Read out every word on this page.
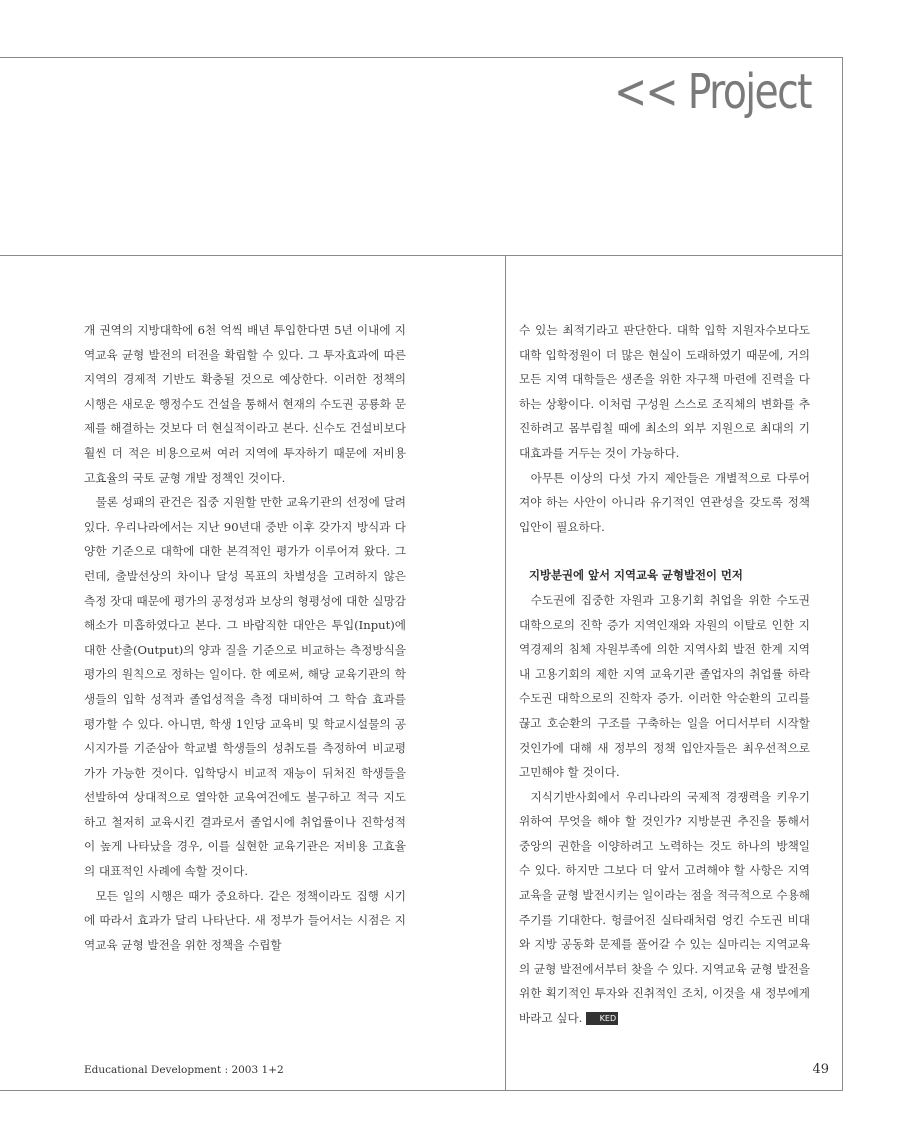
<< Project

개 권역의 지방대학에 6천 억씩 배년 투입한다면 5년 이내에 지역교육 균형 발전의 터전을 확립할 수 있다. 그 투자효과에 따른 지역의 경제적 기반도 확충될 것으로 예상한다. 이러한 정책의 시행은 새로운 행정수도 건설을 통해서 현재의 수도권 공룡화 문제를 해결하는 것보다 더 현실적이라고 본다. 신수도 건설비보다 훨씬 더 적은 비용으로써 여러 지역에 투자하기 때문에 저비용 고효율의 국토 균형 개발 정책인 것이다.

물론 성패의 관건은 집중 지원할 만한 교육기관의 선정에 달려 있다. 우리나라에서는 지난 90년대 중반 이후 갖가지 방식과 다양한 기준으로 대학에 대한 본격적인 평가가 이루어져 왔다. 그런데, 출발선상의 차이나 달성 목표의 차별성을 고려하지 않은 측정 잣대 때문에 평가의 공정성과 보상의 형평성에 대한 실망감 해소가 미흡하였다고 본다. 그 바람직한 대안은 투입(Input)에 대한 산출(Output)의 양과 질을 기준으로 비교하는 측정방식을 평가의 원칙으로 정하는 일이다. 한 예로써, 해당 교육기관의 학생들의 입학 성적과 졸업성적을 측정 대비하여 그 학습 효과를 평가할 수 있다. 아니면, 학생 1인당 교육비 및 학교시설물의 공시지가를 기준삼아 학교별 학생들의 성취도를 측정하여 비교평가가 가능한 것이다. 입학당시 비교적 재능이 뒤처진 학생들을 선발하여 상대적으로 열악한 교육여건에도 불구하고 적극 지도하고 철저히 교육시킨 결과로서 졸업시에 취업률이나 진학성적이 높게 나타났을 경우, 이를 실현한 교육기관은 저비용 고효율의 대표적인 사례에 속할 것이다.

모든 일의 시행은 때가 중요하다. 같은 정책이라도 집행 시기에 따라서 효과가 달리 나타난다. 새 정부가 들어서는 시점은 지역교육 균형 발전을 위한 정책을 수립할

수 있는 최적기라고 판단한다. 대학 입학 지원자수보다도 대학 입학정원이 더 많은 현실이 도래하였기 때문에, 거의 모든 지역 대학들은 생존을 위한 자구책 마련에 진력을 다하는 상황이다. 이처럼 구성원 스스로 조직체의 변화를 추진하려고 몸부림칠 때에 최소의 외부 지원으로 최대의 기대효과를 거두는 것이 가능하다.

아무튼 이상의 다섯 가지 제안들은 개별적으로 다루어져야 하는 사안이 아니라 유기적인 연관성을 갖도록 정책 입안이 필요하다.

지방분권에 앞서 지역교육 균형발전이 먼저

수도권에 집중한 자원과 고용기회 취업을 위한 수도권 대학으로의 진학 증가 지역인재와 자원의 이탈로 인한 지역경제의 침체 자원부족에 의한 지역사회 발전 한계 지역내 고용기회의 제한 지역 교육기관 졸업자의 취업률 하락 수도권 대학으로의 진학자 증가. 이러한 악순환의 고리를 끊고 호순환의 구조를 구축하는 일을 어디서부터 시작할 것인가에 대해 새 정부의 정책 입안자들은 최우선적으로 고민해야 할 것이다.

지식기반사회에서 우리나라의 국제적 경쟁력을 키우기 위하여 무엇을 해야 할 것인가? 지방분권 추진을 통해서 중앙의 권한을 이양하려고 노력하는 것도 하나의 방책일 수 있다. 하지만 그보다 더 앞서 고려해야 할 사항은 지역교육을 균형 발전시키는 일이라는 점을 적극적으로 수용해 주기를 기대한다. 헝클어진 실타래처럼 엉킨 수도권 비대와 지방 공동화 문제를 풀어갈 수 있는 실마리는 지역교육의 균형 발전에서부터 찾을 수 있다. 지역교육 균형 발전을 위한 획기적인 투자와 진취적인 조치, 이것을 새 정부에게 바라고 싶다. KED

Educational Development : 2003 1+2	49
